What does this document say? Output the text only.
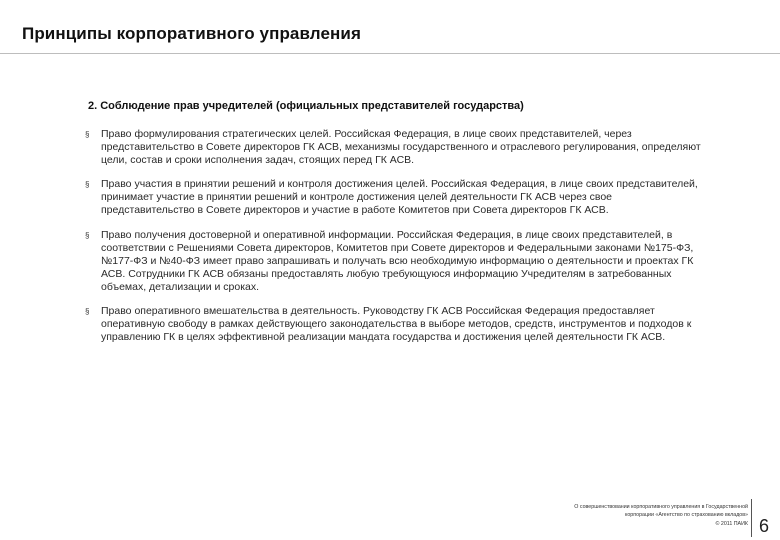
Принципы корпоративного управления
2. Соблюдение прав учредителей (официальных представителей государства)
§ Право формулирования стратегических целей. Российская Федерация, в лице своих представителей, через представительство в Совете директоров ГК АСВ, механизмы государственного и отраслевого регулирования, определяют цели, состав и сроки исполнения задач, стоящих перед ГК АСВ.
§ Право участия в принятии решений и контроля достижения целей. Российская Федерация, в лице своих представителей, принимает участие в принятии решений и контроле достижения целей деятельности ГК АСВ через свое представительство в Совете директоров и участие в работе Комитетов при Совета директоров ГК АСВ.
§ Право получения достоверной и оперативной информации. Российская Федерация, в лице своих представителей, в соответствии с Решениями Совета директоров, Комитетов при Совете директоров и Федеральными законами №175-ФЗ, №177-ФЗ и №40-ФЗ имеет право запрашивать и получать всю необходимую информацию о деятельности и проектах ГК АСВ. Сотрудники ГК АСВ обязаны предоставлять любую требующуюся информацию Учредителям в затребованных объемах, детализации и сроках.
§ Право оперативного вмешательства в деятельность. Руководству ГК АСВ Российская Федерация предоставляет оперативную свободу в рамках действующего законодательства в выборе методов, средств, инструментов и подходов к управлению ГК в целях эффективной реализации мандата государства и достижения целей деятельности ГК АСВ.
О совершенствовании корпоративного управления в Государственной
корпорации «Агентство по страхованию вкладов»
© 2011 ПАИК 6
